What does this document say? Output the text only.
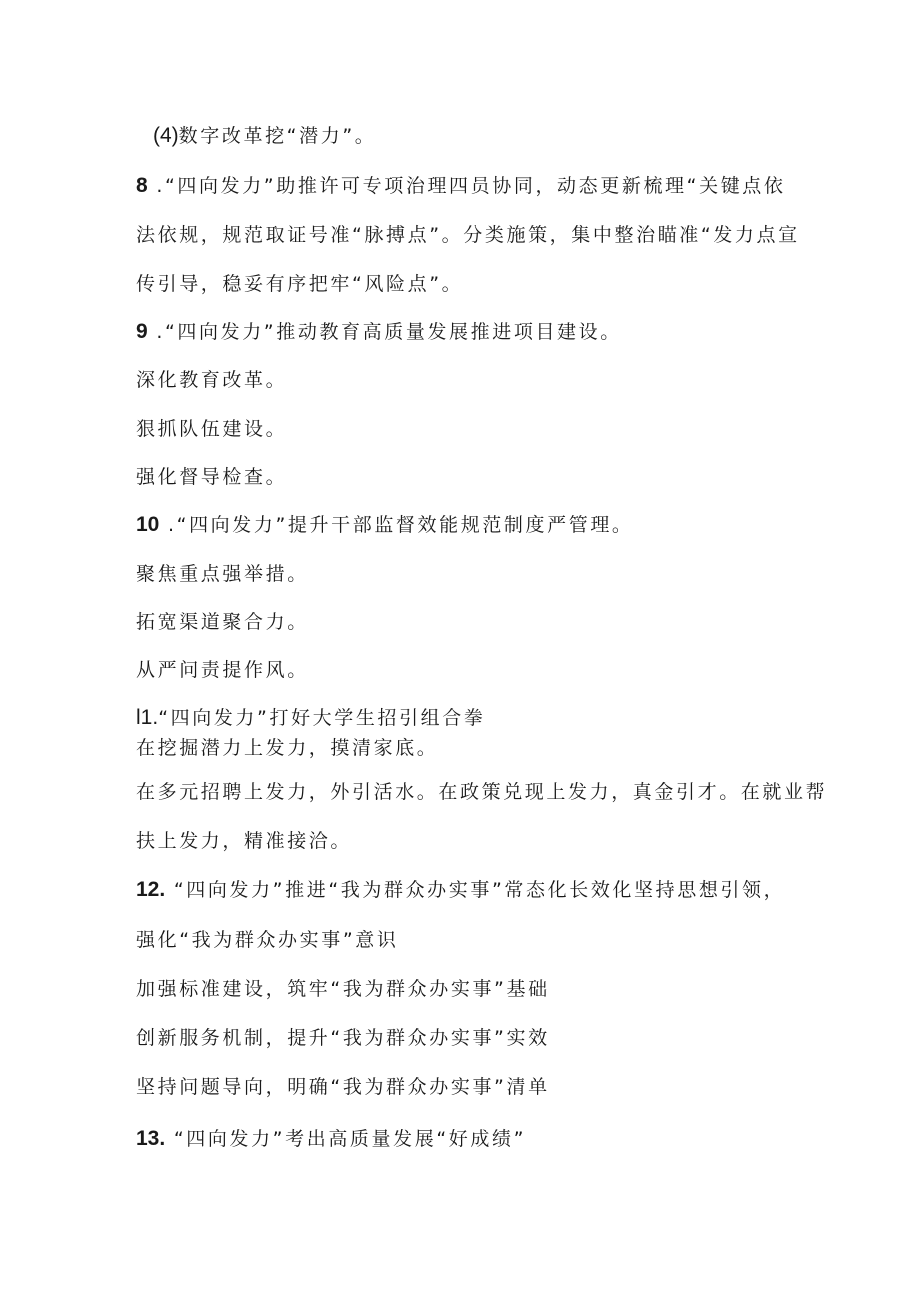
(4)数字改革挖“潜力”。
8 .“四向发力”助推许可专项治理四员协同，动态更新梳理“关键点依
法依规，规范取证号准“脉搏点”。分类施策，集中整治瞄准“发力点宣
传引导，稳妥有序把牢“风险点”。
9 .“四向发力”推动教育高质量发展推进项目建设。
深化教育改革。
狠抓队伍建设。
强化督导检查。
10 .“四向发力”提升干部监督效能规范制度严管理。
聚焦重点强举措。
拓宽渠道聚合力。
从严问责提作风。
l1.“四向发力”打好大学生招引组合拳
在挖掘潜力上发力，摸清家底。
在多元招聘上发力，外引活水。在政策兑现上发力，真金引才。在就业帮
扶上发力，精准接洽。
12. “四向发力”推进“我为群众办实事”常态化长效化坚持思想引领，
强化“我为群众办实事”意识
加强标准建设，筑牢“我为群众办实事”基础
创新服务机制，提升“我为群众办实事”实效
坚持问题导向，明确“我为群众办实事”清单
13. “四向发力”考出高质量发展“好成绩”
